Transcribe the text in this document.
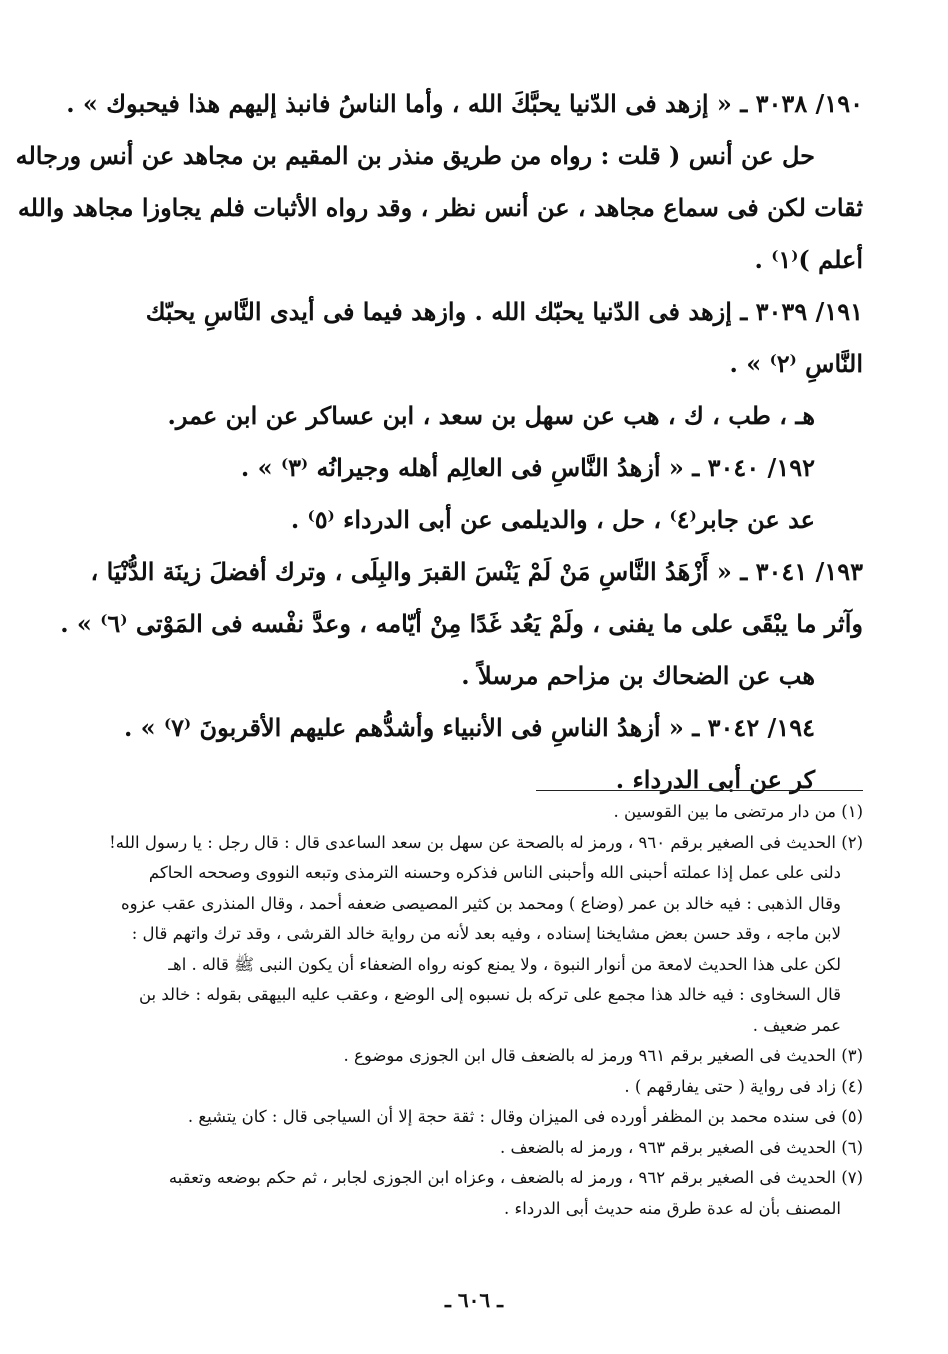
١٩٠/ ٣٠٣٨ ـ « إزهد فى الدّنيا يحبَّكَ الله ، وأما الناسُ فانبذ إليهم هذا فيحبوك » .
حل عن أنس ( قلت : رواه من طريق منذر بن المقيم بن مجاهد عن أنس ورجاله
ثقات لكن فى سماع مجاهد ، عن أنس نظر ، وقد رواه الأثبات فلم يجاوزا مجاهد والله
أعلم )⁽١⁾ .
١٩١/ ٣٠٣٩ ـ إزهد فى الدّنيا يحبّك الله . وازهد فيما فى أيدى النَّاسِ يحبّك
النَّاسِ ⁽٢⁾ » .
هـ ، طب ، ك ، هب عن سهل بن سعد ، ابن عساكر عن ابن عمر.
١٩٢/ ٣٠٤٠ ـ « أزهدُ النَّاسِ فى العالِم أهله وجيرانُه ⁽٣⁾ » .
عد عن جابر⁽٤⁾ ، حل ، والديلمى عن أبى الدرداء ⁽٥⁾ .
١٩٣/ ٣٠٤١ ـ « أَزْهَدُ النَّاسِ مَنْ لَمْ يَنْسَ القبرَ والبِلَى ، وترك أفضلَ زينَة الدُّنْيَا ،
وآثر ما يبْقَى على ما يفنى ، ولَمْ يَعُد غَدًا مِنْ أيّامه ، وعدَّ نفْسه فى المَوْتى ⁽٦⁾ » .
هب عن الضحاك بن مزاحم مرسلاً .
١٩٤/ ٣٠٤٢ ـ « أزهدُ الناسِ فى الأنبياء وأشدُّهم عليهم الأقربونَ ⁽٧⁾ » .
كر عن أبى الدرداء .
(١) من دار مرتضى ما بين القوسين .
(٢) الحديث فى الصغير برقم ٩٦٠ ، ورمز له بالصحة عن سهل بن سعد الساعدى قال : قال رجل : يا رسول الله!
دلنى على عمل إذا عملته أحبنى الله وأحبنى الناس فذكره وحسنه الترمذى وتبعه النووى وصححه الحاكم
وقال الذهبى : فيه خالد بن عمر (وضاع ) ومحمد بن كثير المصيصى ضعفه أحمد ، وقال المنذرى عقب عزوه
لابن ماجه ، وقد حسن بعض مشايخنا إسناده ، وفيه بعد لأنه من رواية خالد القرشى ، وقد ترك واتهم قال :
لكن على هذا الحديث لامعة من أنوار النبوة ، ولا يمنع كونه رواه الضعفاء أن يكون النبى ﷺ قاله . اهـ
قال السخاوى : فيه خالد هذا مجمع على تركه بل نسبوه إلى الوضع ، وعقب عليه البيهقى بقوله : خالد بن
عمر ضعيف .
(٣) الحديث فى الصغير برقم ٩٦١ ورمز له بالضعف قال ابن الجوزى موضوع .
(٤) زاد فى رواية ( حتى يفارقهم ) .
(٥) فى سنده محمد بن المظفر أورده فى الميزان وقال : ثقة حجة إلا أن السياجى قال : كان يتشيع .
(٦) الحديث فى الصغير برقم ٩٦٣ ، ورمز له بالضعف .
(٧) الحديث فى الصغير برقم ٩٦٢ ، ورمز له بالضعف ، وعزاه ابن الجوزى لجابر ، ثم حكم بوضعه وتعقبه
المصنف بأن له عدة طرق منه حديث أبى الدرداء .
ـ ٦٠٦ ـ
